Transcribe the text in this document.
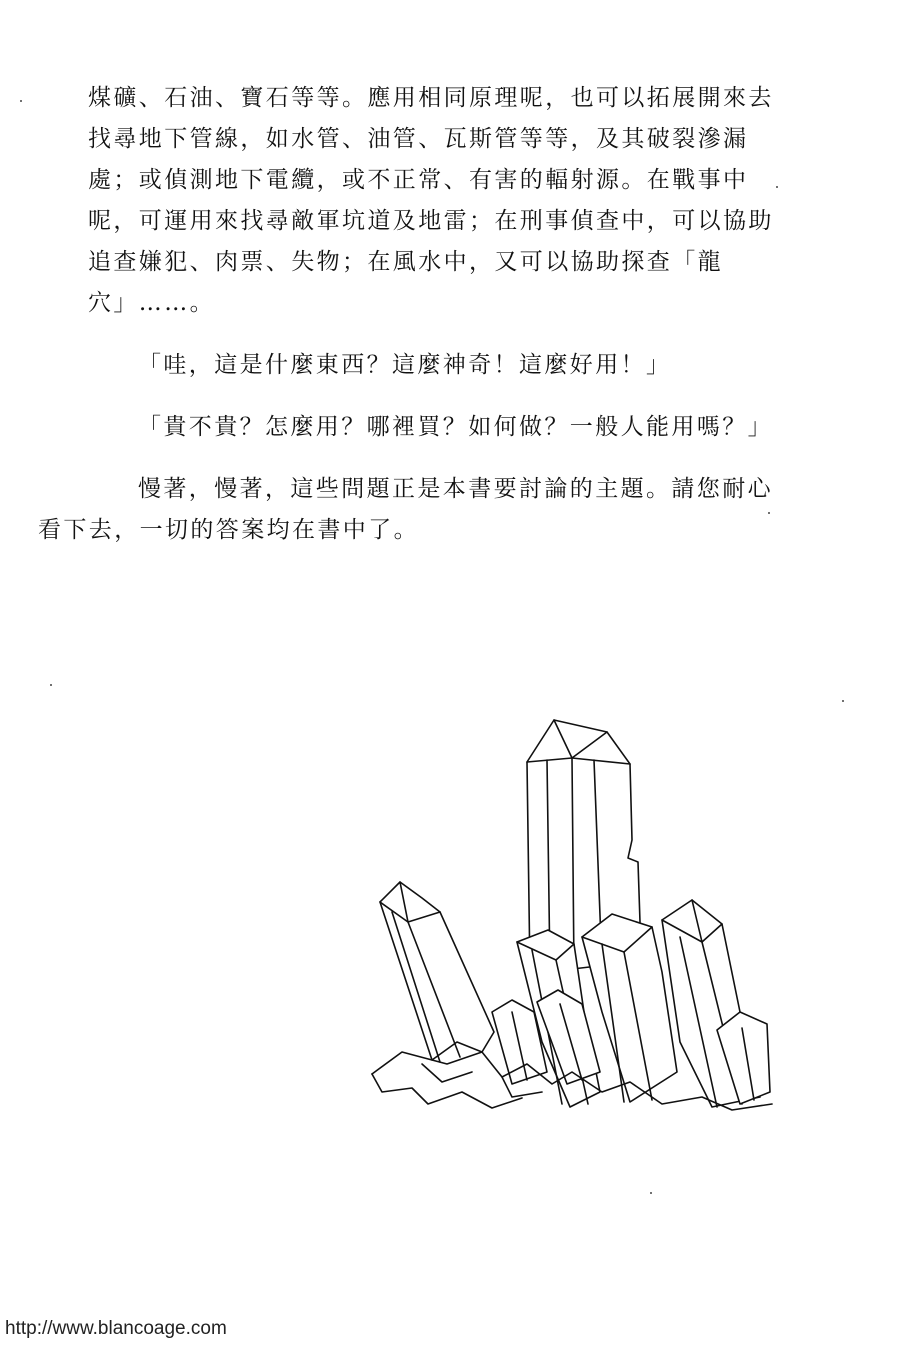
煤礦、石油、寶石等等。應用相同原理呢，也可以拓展開來去
找尋地下管線，如水管、油管、瓦斯管等等，及其破裂滲漏
處；或偵測地下電纜，或不正常、有害的輻射源。在戰事中
呢，可運用來找尋敵軍坑道及地雷；在刑事偵查中，可以協助
追查嫌犯、肉票、失物；在風水中，又可以協助探查「龍
穴」……。

「哇，這是什麼東西？這麼神奇！這麼好用！」

「貴不貴？怎麼用？哪裡買？如何做？一般人能用嗎？」

慢著，慢著，這些問題正是本書要討論的主題。請您耐心
看下去，一切的答案均在書中了。

http://www.blancoage.com
